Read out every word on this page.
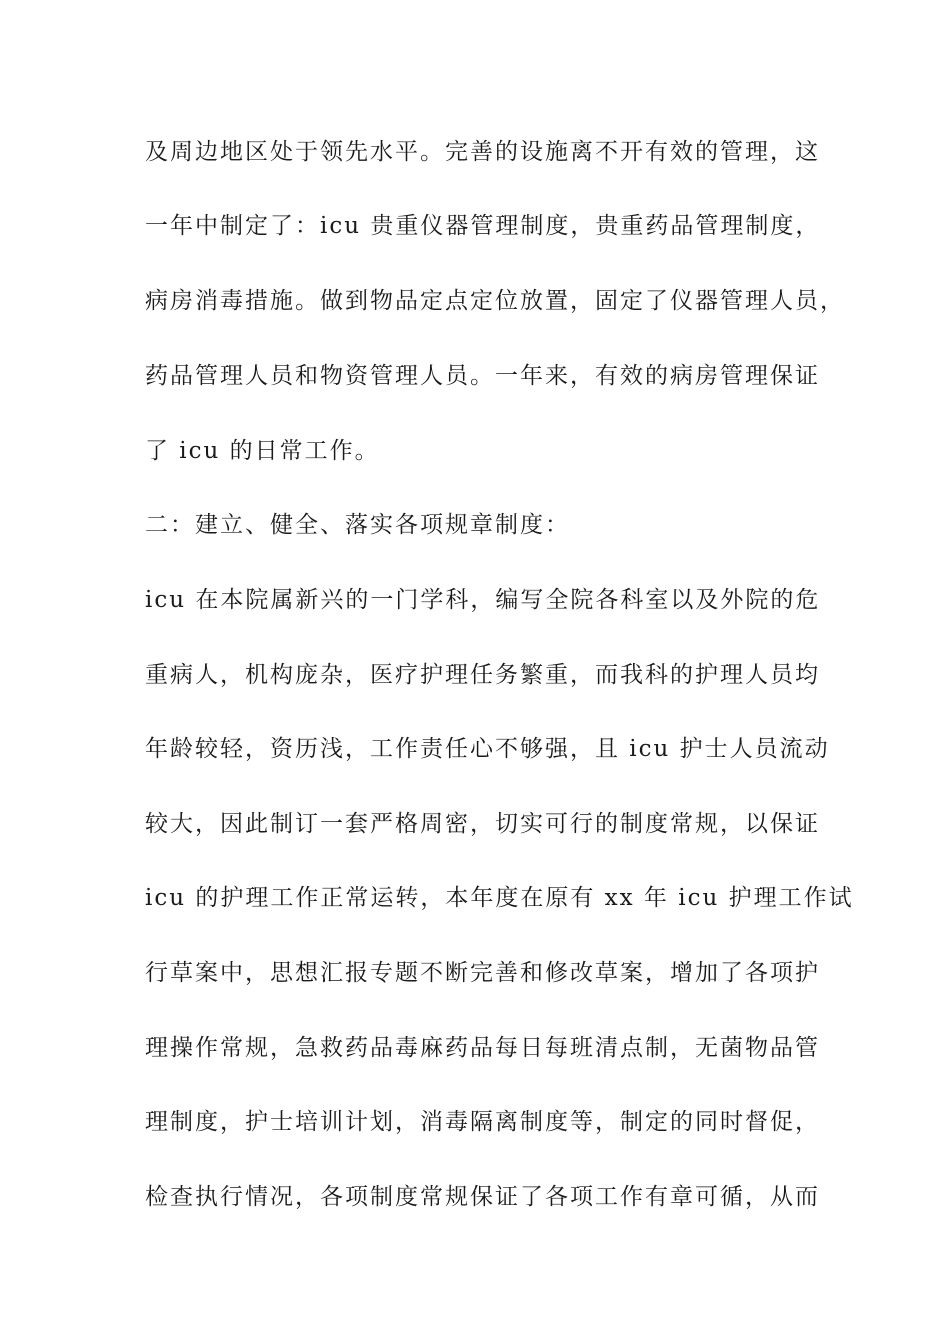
及周边地区处于领先水平。完善的设施离不开有效的管理，这
一年中制定了：icu 贵重仪器管理制度，贵重药品管理制度，
病房消毒措施。做到物品定点定位放置，固定了仪器管理人员，
药品管理人员和物资管理人员。一年来，有效的病房管理保证
了 icu 的日常工作。
二：建立、健全、落实各项规章制度：
icu 在本院属新兴的一门学科，编写全院各科室以及外院的危
重病人，机构庞杂，医疗护理任务繁重，而我科的护理人员均
年龄较轻，资历浅，工作责任心不够强，且 icu 护士人员流动
较大，因此制订一套严格周密，切实可行的制度常规，以保证
icu 的护理工作正常运转，本年度在原有 xx 年 icu 护理工作试
行草案中，思想汇报专题不断完善和修改草案，增加了各项护
理操作常规，急救药品毒麻药品每日每班清点制，无菌物品管
理制度，护士培训计划，消毒隔离制度等，制定的同时督促，
检查执行情况，各项制度常规保证了各项工作有章可循，从而
